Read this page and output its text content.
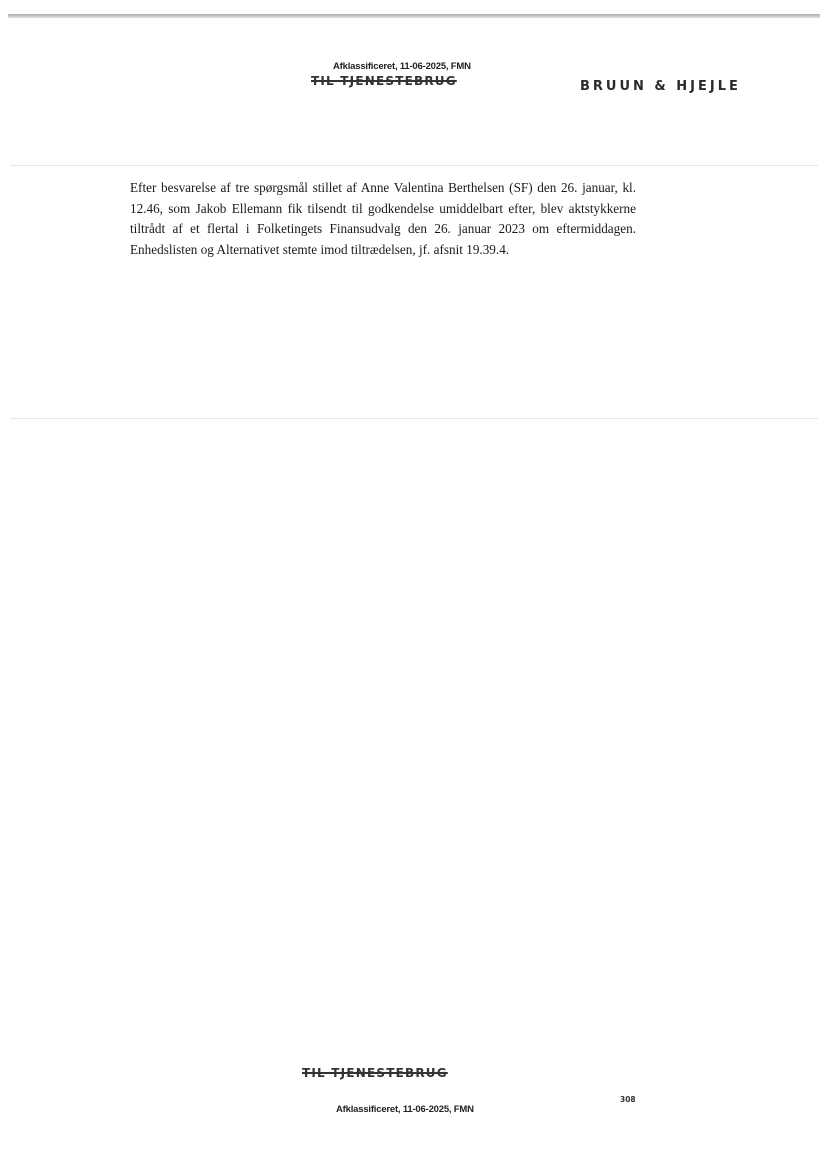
Afklassificeret, 11-06-2025, FMN
TIL TJENESTEBRUG	BRUUN & HJEJLE
Efter besvarelse af tre spørgsmål stillet af Anne Valentina Berthelsen (SF) den 26. januar, kl. 12.46, som Jakob Ellemann fik tilsendt til godkendelse umiddelbart efter, blev aktstykkerne tiltrådt af et flertal i Folketingets Finansudvalg den 26. januar 2023 om eftermiddagen. Enhedslisten og Alternativet stemte imod tiltrædelsen, jf. afsnit 19.39.4.
TIL TJENESTEBRUG
308
Afklassificeret, 11-06-2025, FMN
